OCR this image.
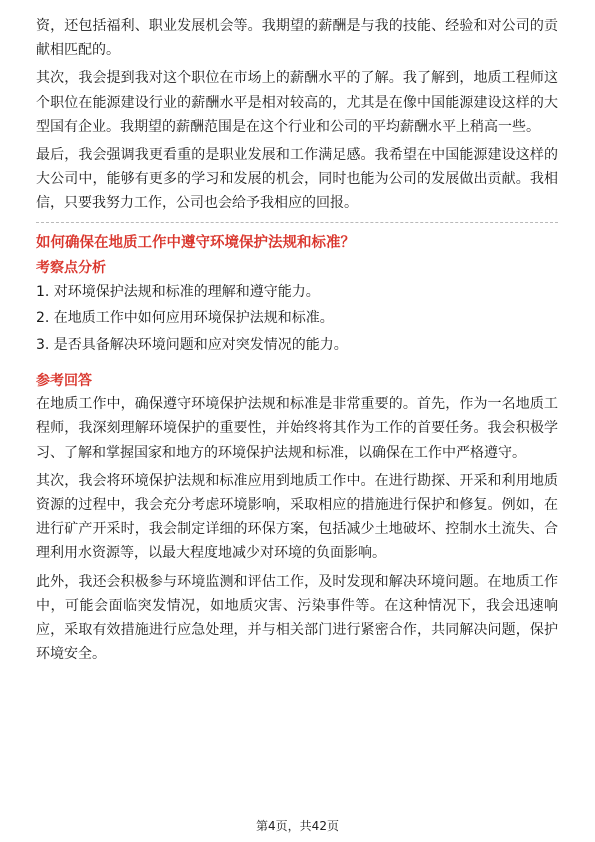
资，还包括福利、职业发展机会等。我期望的薪酬是与我的技能、经验和对公司的贡献相匹配的。

其次，我会提到我对这个职位在市场上的薪酬水平的了解。我了解到，地质工程师这个职位在能源建设行业的薪酬水平是相对较高的，尤其是在像中国能源建设这样的大型国有企业。我期望的薪酬范围是在这个行业和公司的平均薪酬水平上稍高一些。

最后，我会强调我更看重的是职业发展和工作满足感。我希望在中国能源建设这样的大公司中，能够有更多的学习和发展的机会，同时也能为公司的发展做出贡献。我相信，只要我努力工作，公司也会给予我相应的回报。

如何确保在地质工作中遵守环境保护法规和标准？

考察点分析

1. 对环境保护法规和标准的理解和遵守能力。
2. 在地质工作中如何应用环境保护法规和标准。
3. 是否具备解决环境问题和应对突发情况的能力。

参考回答

在地质工作中，确保遵守环境保护法规和标准是非常重要的。首先，作为一名地质工程师，我深刻理解环境保护的重要性，并始终将其作为工作的首要任务。我会积极学习、了解和掌握国家和地方的环境保护法规和标准，以确保在工作中严格遵守。

其次，我会将环境保护法规和标准应用到地质工作中。在进行勘探、开采和利用地质资源的过程中，我会充分考虑环境影响，采取相应的措施进行保护和修复。例如，在进行矿产开采时，我会制定详细的环保方案，包括减少土地破坏、控制水土流失、合理利用水资源等，以最大程度地减少对环境的负面影响。

此外，我还会积极参与环境监测和评估工作，及时发现和解决环境问题。在地质工作中，可能会面临突发情况，如地质灾害、污染事件等。在这种情况下，我会迅速响应，采取有效措施进行应急处理，并与相关部门进行紧密合作，共同解决问题，保护环境安全。

第4页，共42页
